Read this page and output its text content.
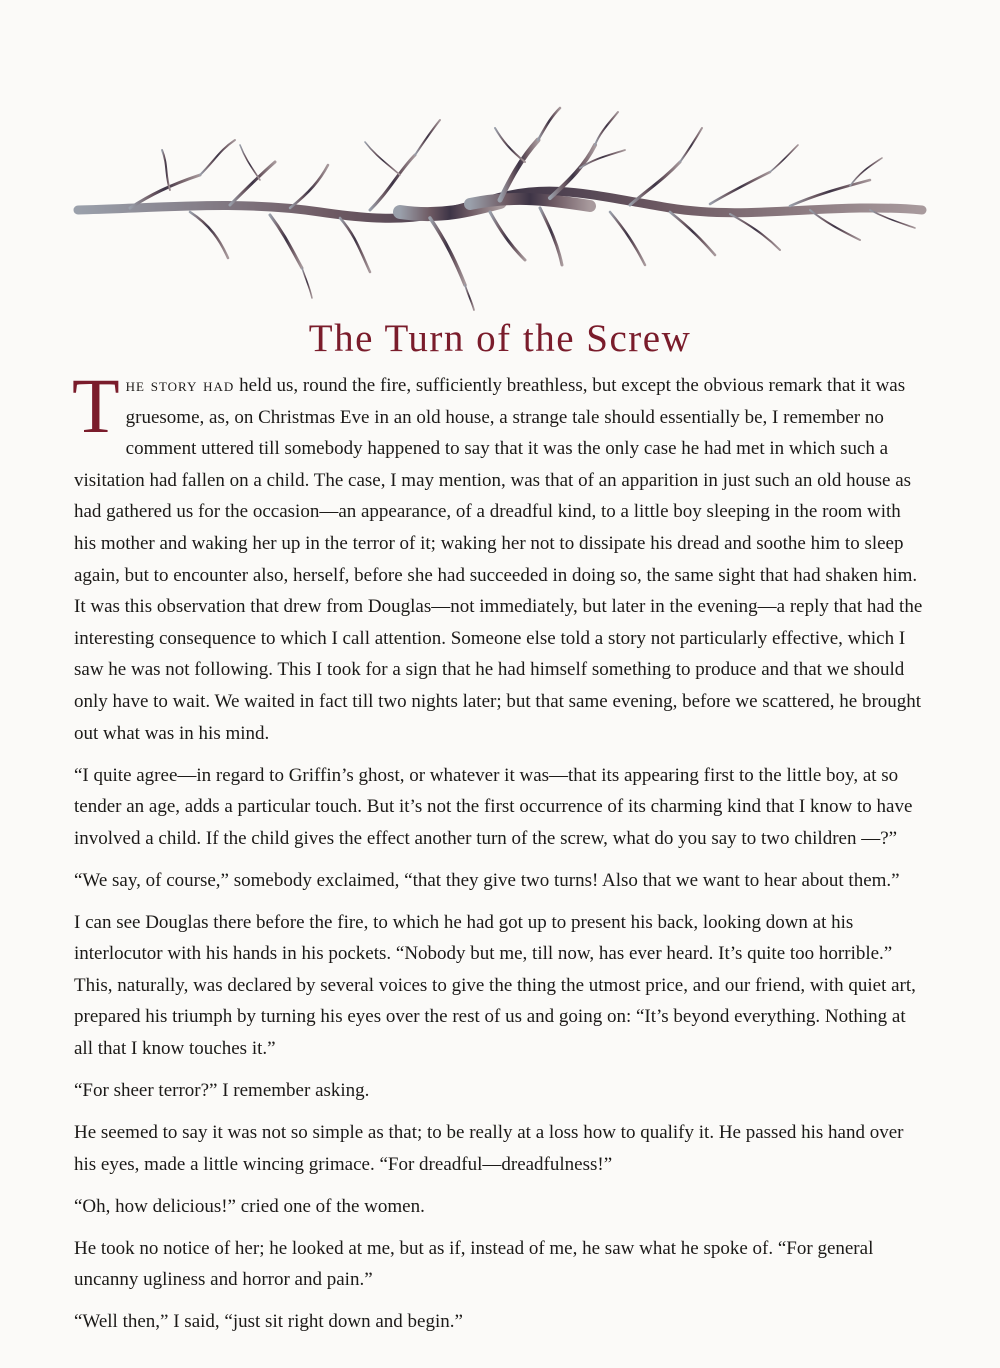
The Turn of the Screw

The story had held us, round the fire, sufficiently breathless, but except the obvious remark that it was gruesome, as, on Christmas Eve in an old house, a strange tale should essentially be, I remember no comment uttered till somebody happened to say that it was the only case he had met in which such a visitation had fallen on a child. The case, I may mention, was that of an apparition in just such an old house as had gathered us for the occasion—an appearance, of a dreadful kind, to a little boy sleeping in the room with his mother and waking her up in the terror of it; waking her not to dissipate his dread and soothe him to sleep again, but to encounter also, herself, before she had succeeded in doing so, the same sight that had shaken him. It was this observation that drew from Douglas—not immediately, but later in the evening—a reply that had the interesting consequence to which I call attention. Someone else told a story not particularly effective, which I saw he was not following. This I took for a sign that he had himself something to produce and that we should only have to wait. We waited in fact till two nights later; but that same evening, before we scattered, he brought out what was in his mind.

“I quite agree—in regard to Griffin’s ghost, or whatever it was—that its appearing first to the little boy, at so tender an age, adds a particular touch. But it’s not the first occurrence of its charming kind that I know to have involved a child. If the child gives the effect another turn of the screw, what do you say to two children —?”

“We say, of course,” somebody exclaimed, “that they give two turns! Also that we want to hear about them.”

I can see Douglas there before the fire, to which he had got up to present his back, looking down at his interlocutor with his hands in his pockets. “Nobody but me, till now, has ever heard. It’s quite too horrible.” This, naturally, was declared by several voices to give the thing the utmost price, and our friend, with quiet art, prepared his triumph by turning his eyes over the rest of us and going on: “It’s beyond everything. Nothing at all that I know touches it.”

“For sheer terror?” I remember asking.

He seemed to say it was not so simple as that; to be really at a loss how to qualify it. He passed his hand over his eyes, made a little wincing grimace. “For dreadful—dreadfulness!”

“Oh, how delicious!” cried one of the women.

He took no notice of her; he looked at me, but as if, instead of me, he saw what he spoke of. “For general uncanny ugliness and horror and pain.”

“Well then,” I said, “just sit right down and begin.”
